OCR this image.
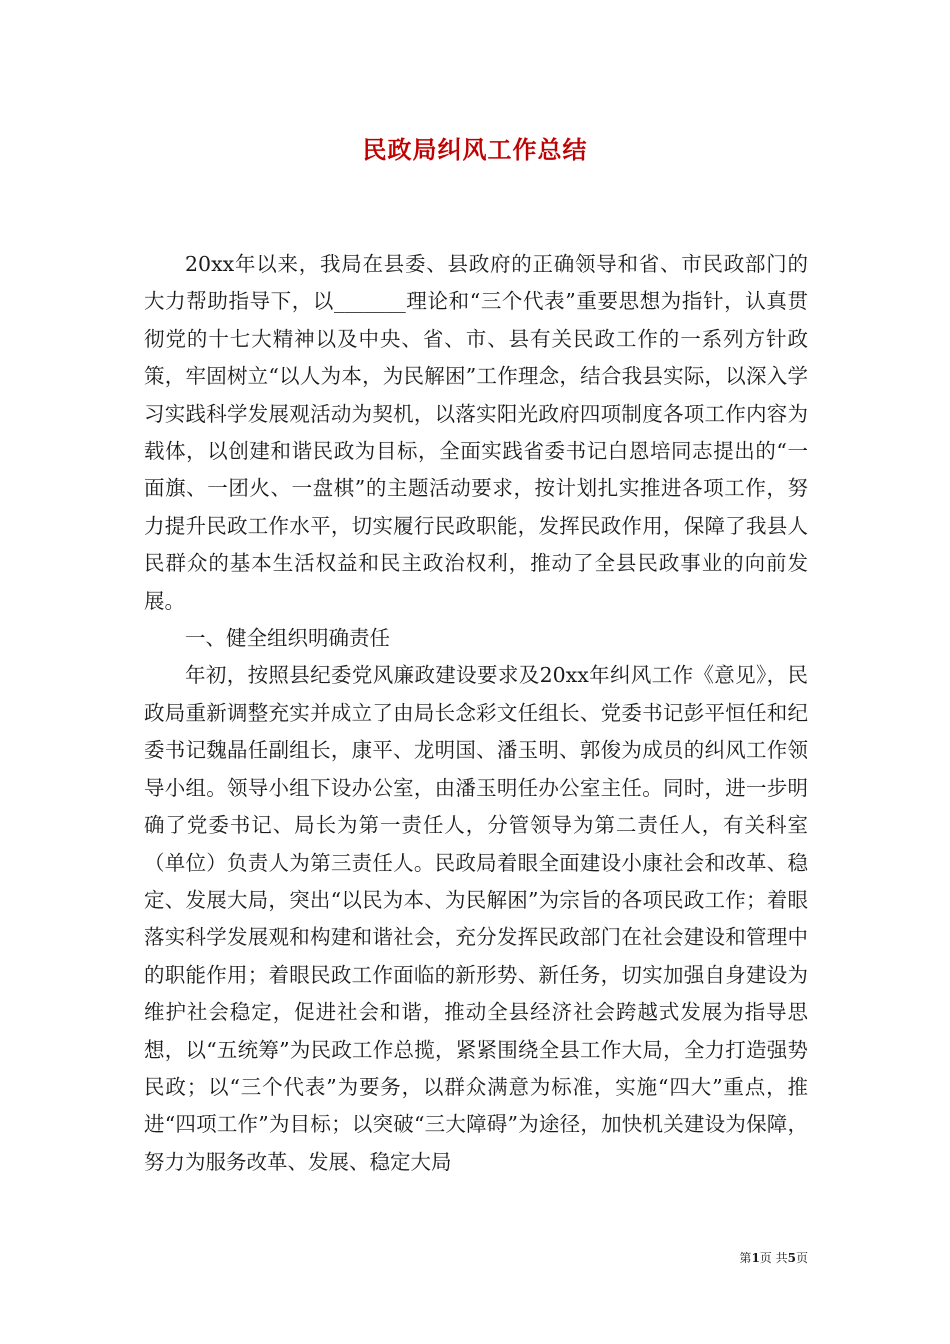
民政局纠风工作总结

20xx年以来，我局在县委、县政府的正确领导和省、市民政部门的大力帮助指导下，以_______理论和“三个代表”重要思想为指针，认真贯彻党的十七大精神以及中央、省、市、县有关民政工作的一系列方针政策，牢固树立“以人为本，为民解困”工作理念，结合我县实际，以深入学习实践科学发展观活动为契机，以落实阳光政府四项制度各项工作内容为载体，以创建和谐民政为目标，全面实践省委书记白恩培同志提出的“一面旗、一团火、一盘棋”的主题活动要求，按计划扎实推进各项工作，努力提升民政工作水平，切实履行民政职能，发挥民政作用，保障了我县人民群众的基本生活权益和民主政治权利，推动了全县民政事业的向前发展。

一、健全组织明确责任

年初，按照县纪委党风廉政建设要求及20xx年纠风工作《意见》，民政局重新调整充实并成立了由局长念彩文任组长、党委书记彭平恒任和纪委书记魏晶任副组长，康平、龙明国、潘玉明、郭俊为成员的纠风工作领导小组。领导小组下设办公室，由潘玉明任办公室主任。同时，进一步明确了党委书记、局长为第一责任人，分管领导为第二责任人，有关科室（单位）负责人为第三责任人。民政局着眼全面建设小康社会和改革、稳定、发展大局，突出“以民为本、为民解困”为宗旨的各项民政工作；着眼落实科学发展观和构建和谐社会，充分发挥民政部门在社会建设和管理中的职能作用；着眼民政工作面临的新形势、新任务，切实加强自身建设为维护社会稳定，促进社会和谐，推动全县经济社会跨越式发展为指导思想，以“五统筹”为民政工作总揽，紧紧围绕全县工作大局，全力打造强势民政；以“三个代表”为要务，以群众满意为标准，实施“四大”重点，推进“四项工作”为目标；以突破“三大障碍”为途径，加快机关建设为保障，努力为服务改革、发展、稳定大局

第1页 共5页
